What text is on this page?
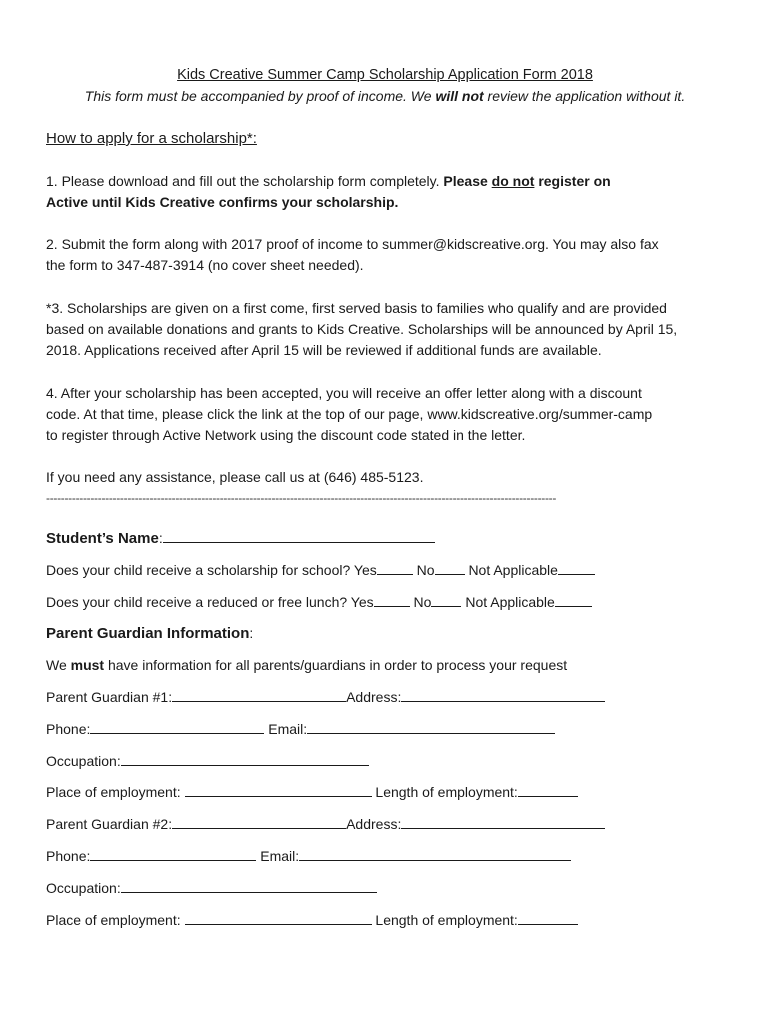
Kids Creative Summer Camp Scholarship Application Form 2018
This form must be accompanied by proof of income. We will not review the application without it.
How to apply for a scholarship*:
1. Please download and fill out the scholarship form completely. Please do not register on
Active until Kids Creative confirms your scholarship.
2. Submit the form along with 2017 proof of income to summer@kidscreative.org. You may also fax
the form to 347-487-3914 (no cover sheet needed).
*3. Scholarships are given on a first come, first served basis to families who qualify and are provided
based on available donations and grants to Kids Creative. Scholarships will be announced by April 15,
2018. Applications received after April 15 will be reviewed if additional funds are available.
4. After your scholarship has been accepted, you will receive an offer letter along with a discount
code. At that time, please click the link at the top of our page, www.kidscreative.org/summer-camp
to register through Active Network using the discount code stated in the letter.
If you need any assistance, please call us at (646) 485-5123.
------------------------------------------------------------------------------------------------------------------------------------------
Student’s Name:
Does your child receive a scholarship for school? Yes	No Not Applicable
Does your child receive a reduced or free lunch? Yes	No Not Applicable
Parent Guardian Information:
We must have information for all parents/guardians in order to process your request
Parent Guardian #1:	Address:
Phone:	Email:
Occupation:
Place of employment:	Length of employment:
Parent Guardian #2:	Address:
Phone:	Email:
Occupation:
Place of employment:	Length of employment:
